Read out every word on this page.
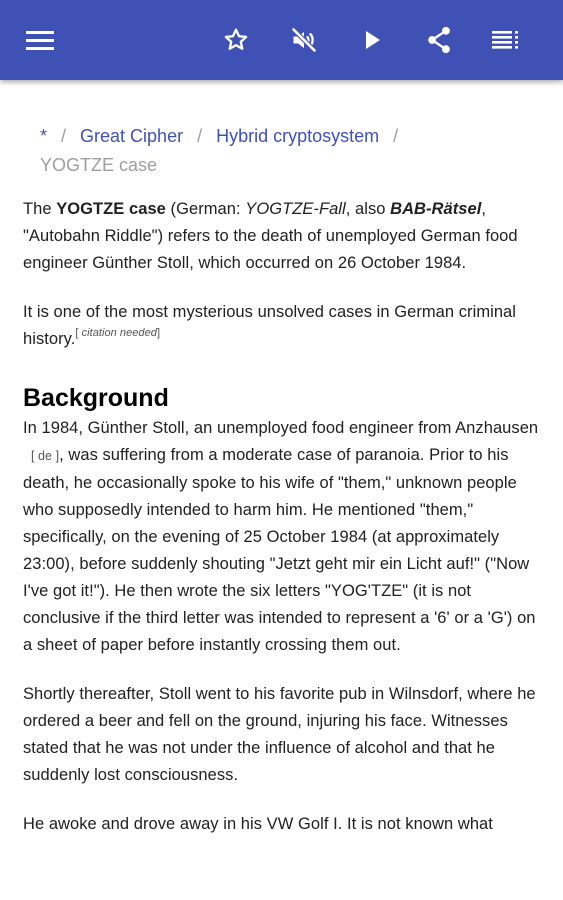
* / Great Cipher / Hybrid cryptosystem /
YOGTZE case

The YOGTZE case (German: YOGTZE-Fall, also BAB-Rätsel, "Autobahn Riddle") refers to the death of unemployed German food engineer Günther Stoll, which occurred on 26 October 1984.

It is one of the most mysterious unsolved cases in German criminal history.[ citation needed]

Background

In 1984, Günther Stoll, an unemployed food engineer from Anzhausen [ de ], was suffering from a moderate case of paranoia. Prior to his death, he occasionally spoke to his wife of "them," unknown people who supposedly intended to harm him. He mentioned "them," specifically, on the evening of 25 October 1984 (at approximately 23:00), before suddenly shouting "Jetzt geht mir ein Licht auf!" ("Now I've got it!"). He then wrote the six letters "YOG'TZE" (it is not conclusive if the third letter was intended to represent a '6' or a 'G') on a sheet of paper before instantly crossing them out.

Shortly thereafter, Stoll went to his favorite pub in Wilnsdorf, where he ordered a beer and fell on the ground, injuring his face. Witnesses stated that he was not under the influence of alcohol and that he suddenly lost consciousness.

He awoke and drove away in his VW Golf I. It is not known what
